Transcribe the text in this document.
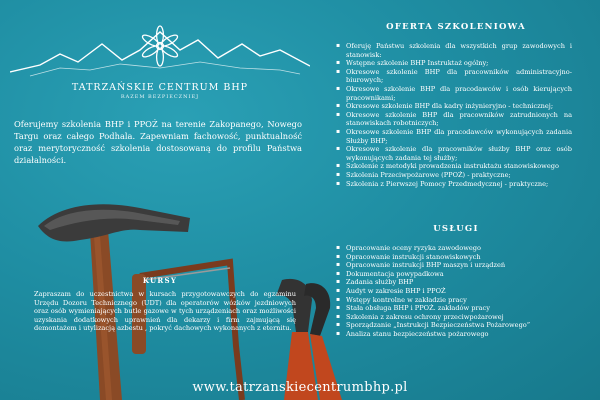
TATRZAŃSKIE CENTRUM BHP
RAZEM BEZPIECZNIEJ
Oferujemy szkolenia BHP i PPOŻ na terenie Zakopanego, Nowego Targu oraz całego Podhala. Zapewniam fachowość, punktualność oraz merytoryczność szkolenia dostosowaną do profilu Państwa działalności.
OFERTA SZKOLENIOWA
▪ Oferuję Państwu szkolenia dla wszystkich grup zawodowych i stanowisk:
▪ Wstępne szkolenie BHP Instruktaż ogólny;
▪ Okresowe szkolenie BHP dla pracowników administracyjno-biurowych;
▪ Okresowe szkolenie BHP dla pracodawców i osób kierujących pracownikami;
▪ Okresowe szkolenie BHP dla kadry inżynieryjno - technicznej;
▪ Okresowe szkolenie BHP dla pracowników zatrudnionych na stanowiskach robotniczych;
▪ Okresowe szkolenie BHP dla pracodawców wykonujących zadania Służby BHP;
▪ Okresowe szkolenie dla pracowników służby BHP oraz osób wykonujących zadania tej służby;
▪ Szkolenie z metodyki prowadzenia instruktażu stanowiskowego
▪ Szkolenia Przeciwpożarowe (PPOŻ) - praktyczne;
▪ Szkolenia z Pierwszej Pomocy Przedmedycznej - praktyczne;
USŁUGI
▪ Opracowanie oceny ryzyka zawodowego
▪ Opracowanie instrukcji stanowiskowych
▪ Opracowanie instrukcji BHP maszyn i urządzeń
▪ Dokumentacja powypadkowa
▪ Zadania służby BHP
▪ Audyt w zakresie BHP i PPOŻ
▪ Wstępy kontrolne w zakładzie pracy
▪ Stała obsługa BHP i PPOŻ. zakładów pracy
▪ Szkolenia z zakresu ochrony przeciwpożarowej
▪ Sporządzanie „Instrukcji Bezpieczeństwa Pożarowego”
▪ Analiza stanu bezpieczeństwa pożarowego
KURSY
Zapraszam do uczestnictwa w kursach przygotowawczych do egzaminu Urzędu Dozoru Technicznego (UDT) dla operatorów wózków jezdniowych oraz osób wymieniających butle gazowe w tych urządzeniach oraz możliwości uzyskania dodatkowych uprawnień dla dekarzy i firm zajmującą się demontażem i utylizacją azbestu , pokryć dachowych wykonanych z eternitu.
www.tatrzanskiecentrumbhp.pl
